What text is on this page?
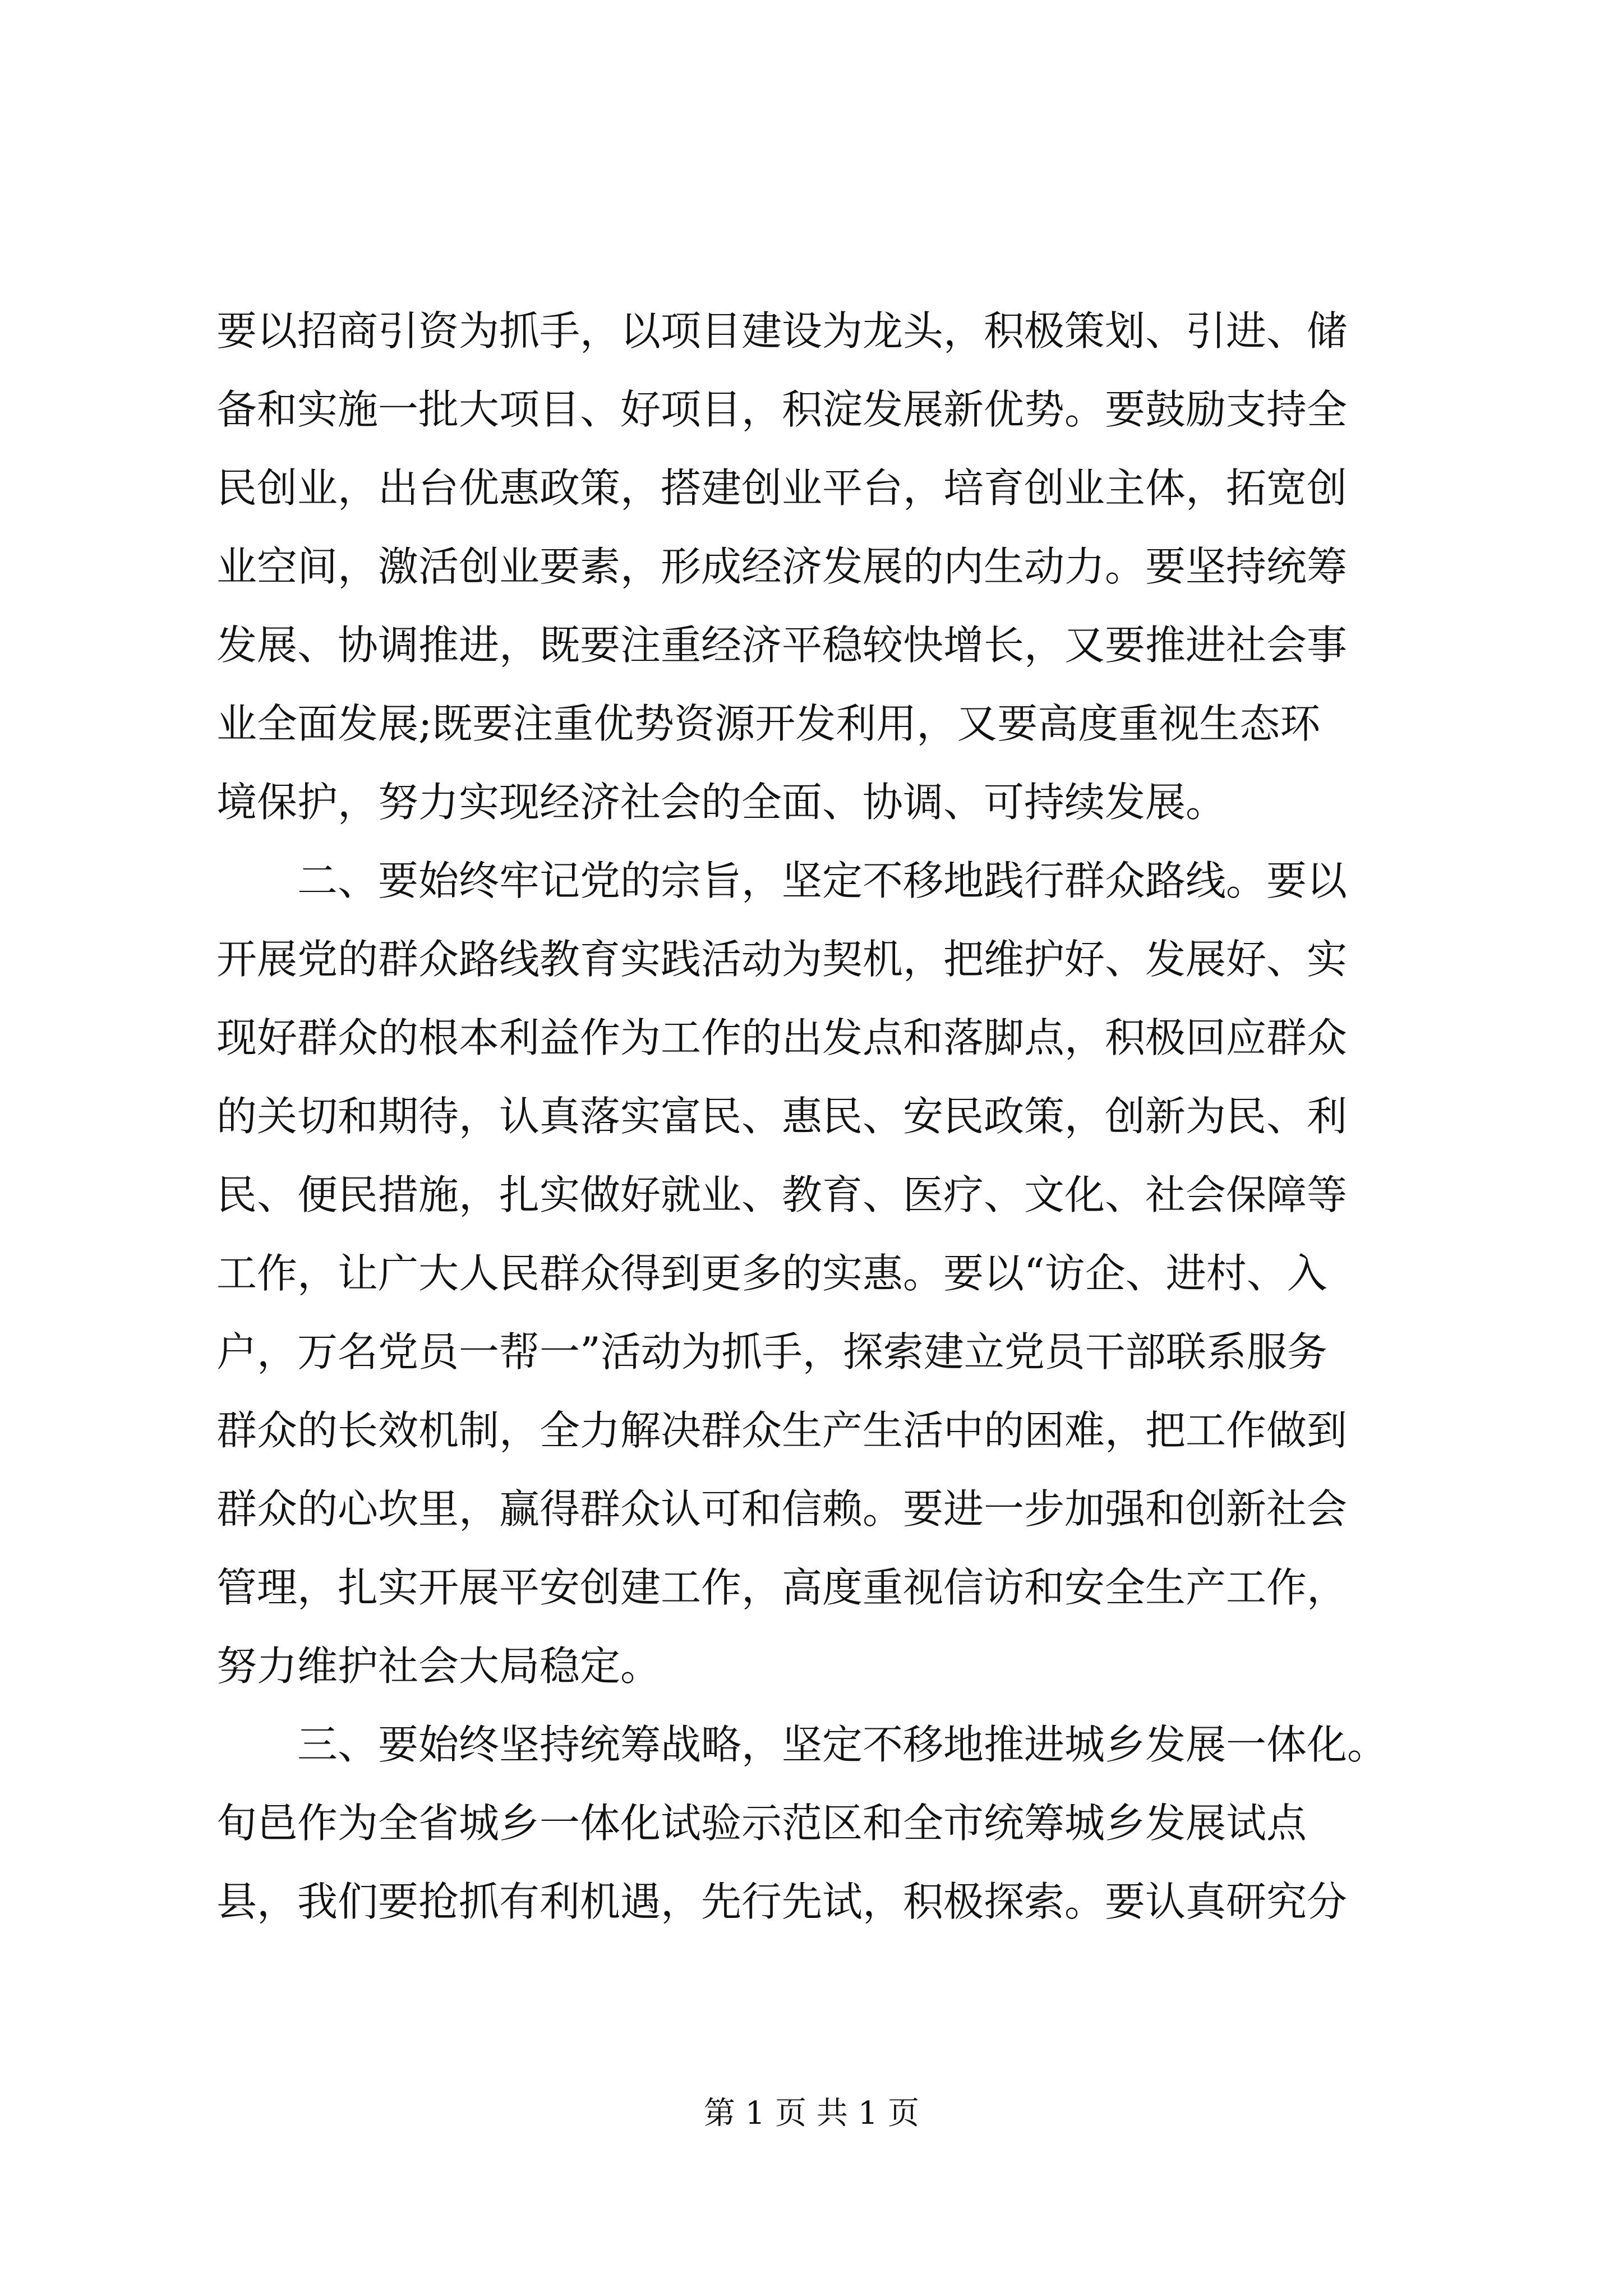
要以招商引资为抓手，以项目建设为龙头，积极策划、引进、储
备和实施一批大项目、好项目，积淀发展新优势。要鼓励支持全
民创业，出台优惠政策，搭建创业平台，培育创业主体，拓宽创
业空间，激活创业要素，形成经济发展的内生动力。要坚持统筹
发展、协调推进，既要注重经济平稳较快增长，又要推进社会事
业全面发展;既要注重优势资源开发利用，又要高度重视生态环
境保护，努力实现经济社会的全面、协调、可持续发展。
二、要始终牢记党的宗旨，坚定不移地践行群众路线。要以
开展党的群众路线教育实践活动为契机，把维护好、发展好、实
现好群众的根本利益作为工作的出发点和落脚点，积极回应群众
的关切和期待，认真落实富民、惠民、安民政策，创新为民、利
民、便民措施，扎实做好就业、教育、医疗、文化、社会保障等
工作，让广大人民群众得到更多的实惠。要以“访企、进村、入
户，万名党员一帮一”活动为抓手，探索建立党员干部联系服务
群众的长效机制，全力解决群众生产生活中的困难，把工作做到
群众的心坎里，赢得群众认可和信赖。要进一步加强和创新社会
管理，扎实开展平安创建工作，高度重视信访和安全生产工作，
努力维护社会大局稳定。
三、要始终坚持统筹战略，坚定不移地推进城乡发展一体化。
旬邑作为全省城乡一体化试验示范区和全市统筹城乡发展试点
县，我们要抢抓有利机遇，先行先试，积极探索。要认真研究分
第 1 页 共 1 页
